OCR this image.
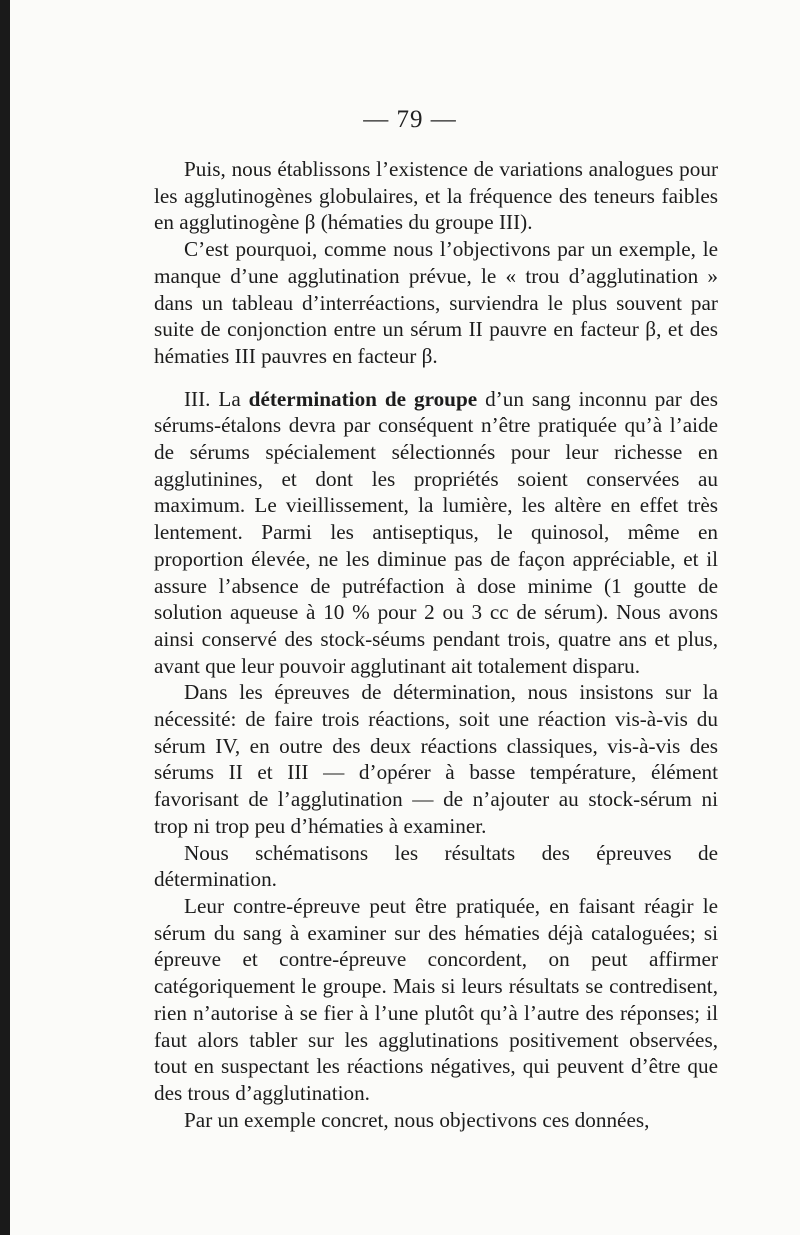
— 79 —

Puis, nous établissons l’existence de variations analogues pour les agglutinogènes globulaires, et la fréquence des teneurs faibles en agglutinogène β (hématies du groupe III).

C’est pourquoi, comme nous l’objectivons par un exemple, le manque d’une agglutination prévue, le « trou d’agglutination » dans un tableau d’interréactions, surviendra le plus souvent par suite de conjonction entre un sérum II pauvre en facteur β, et des hématies III pauvres en facteur β.

III. La détermination de groupe d’un sang inconnu par des sérums-étalons devra par conséquent n’être pratiquée qu’à l’aide de sérums spécialement sélectionnés pour leur richesse en agglutinines, et dont les propriétés soient conservées au maximum. Le vieillissement, la lumière, les altère en effet très lentement. Parmi les antiseptiqus, le quinosol, même en proportion élevée, ne les diminue pas de façon appréciable, et il assure l’absence de putréfaction à dose minime (1 goutte de solution aqueuse à 10 % pour 2 ou 3 cc de sérum). Nous avons ainsi conservé des stock-séums pendant trois, quatre ans et plus, avant que leur pouvoir agglutinant ait totalement disparu.

Dans les épreuves de détermination, nous insistons sur la nécessité: de faire trois réactions, soit une réaction vis-à-vis du sérum IV, en outre des deux réactions classiques, vis-à-vis des sérums II et III — d’opérer à basse température, élément favorisant de l’agglutination — de n’ajouter au stock-sérum ni trop ni trop peu d’hématies à examiner.

Nous schématisons les résultats des épreuves de détermination.

Leur contre-épreuve peut être pratiquée, en faisant réagir le sérum du sang à examiner sur des hématies déjà cataloguées; si épreuve et contre-épreuve concordent, on peut affirmer catégoriquement le groupe. Mais si leurs résultats se contredisent, rien n’autorise à se fier à l’une plutôt qu’à l’autre des réponses; il faut alors tabler sur les agglutinations positivement observées, tout en suspectant les réactions négatives, qui peuvent d’être que des trous d’agglutination.

Par un exemple concret, nous objectivons ces données,
